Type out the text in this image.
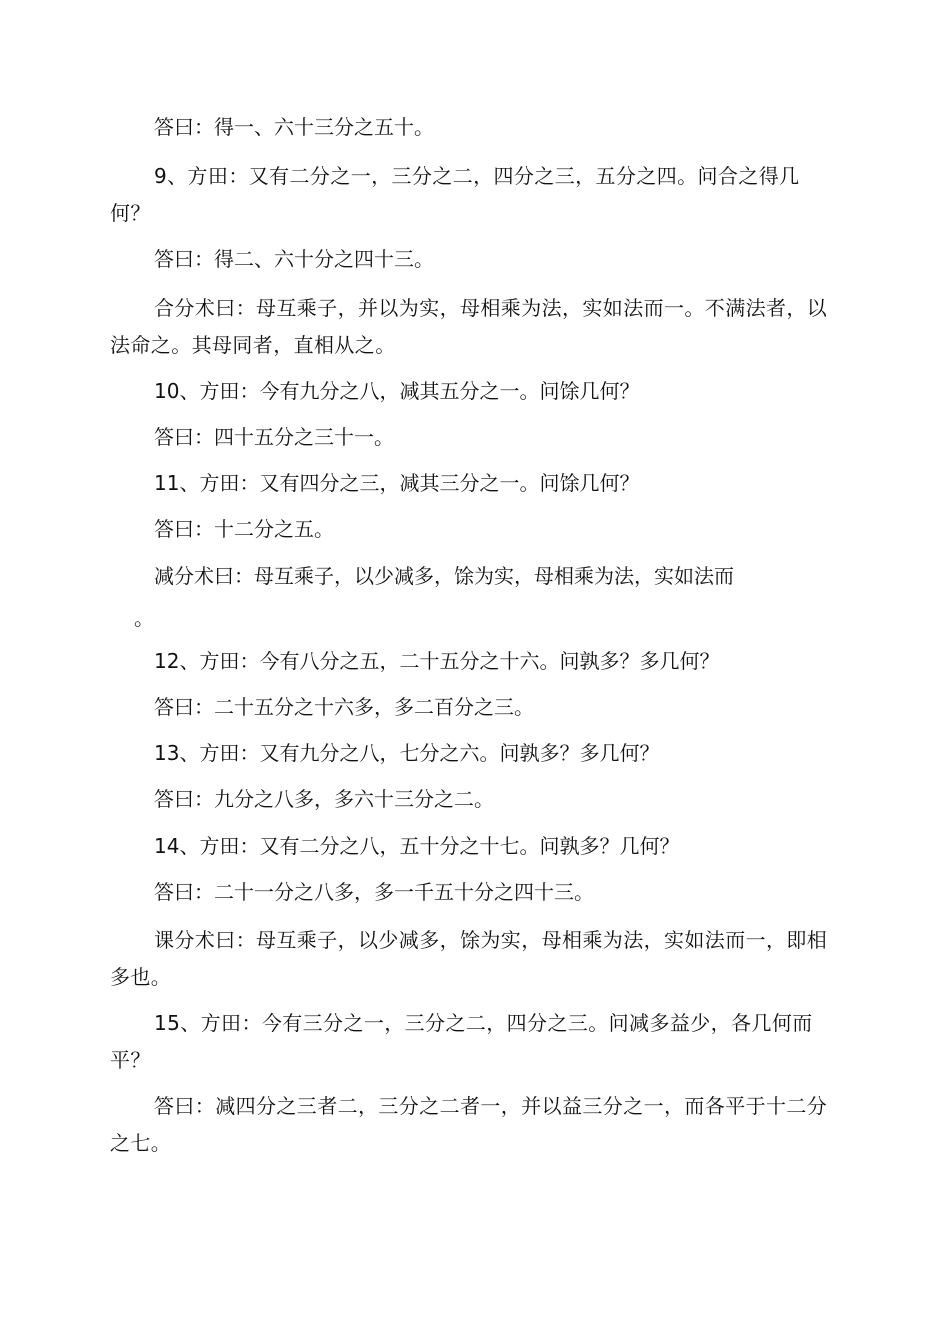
答曰：得一、六十三分之五十。

9、方田：又有二分之一，三分之二，四分之三，五分之四。问合之得几何？

答曰：得二、六十分之四十三。

合分术曰：母互乘子，并以为实，母相乘为法，实如法而一。不满法者，以法命之。其母同者，直相从之。

10、方田：今有九分之八，减其五分之一。问馀几何？

答曰：四十五分之三十一。

11、方田：又有四分之三，减其三分之一。问馀几何？

答曰：十二分之五。

减分术曰：母互乘子，以少减多，馀为实，母相乘为法，实如法而

。

12、方田：今有八分之五，二十五分之十六。问孰多？多几何？

答曰：二十五分之十六多，多二百分之三。

13、方田：又有九分之八，七分之六。问孰多？多几何？

答曰：九分之八多，多六十三分之二。

14、方田：又有二分之八，五十分之十七。问孰多？几何？

答曰：二十一分之八多，多一千五十分之四十三。

课分术曰：母互乘子，以少减多，馀为实，母相乘为法，实如法而一，即相多也。

15、方田：今有三分之一，三分之二，四分之三。问减多益少，各几何而平？

答曰：减四分之三者二，三分之二者一，并以益三分之一，而各平于十二分之七。
